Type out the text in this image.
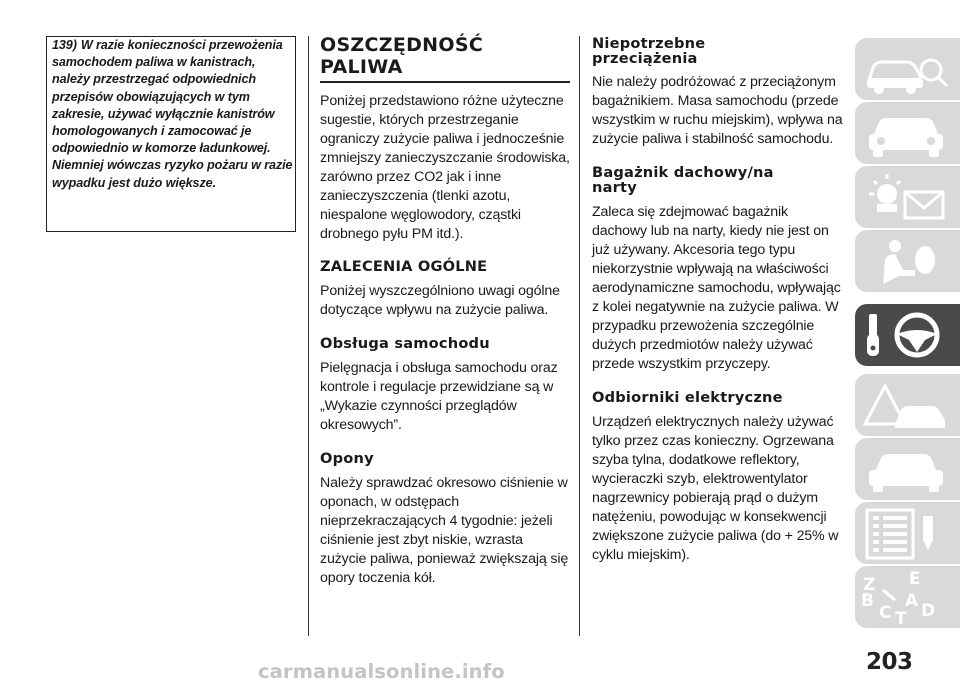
139) W razie konieczności przewożenia samochodem paliwa w kanistrach, należy przestrzegać odpowiednich przepisów obowiązujących w tym zakresie, używać wyłącznie kanistrów homologowanych i zamocować je odpowiednio w komorze ładunkowej. Niemniej wówczas ryzyko pożaru w razie wypadku jest dużo większe.
OSZCZĘDNOŚĆ
PALIWA

Poniżej przedstawiono różne użyteczne sugestie, których przestrzeganie ograniczy zużycie paliwa i jednocześnie zmniejszy zanieczyszczanie środowiska, zarówno przez CO2 jak i inne zanieczyszczenia (tlenki azotu, niespalone węglowodory, cząstki drobnego pyłu PM itd.).

ZALECENIA OGÓLNE

Poniżej wyszczególniono uwagi ogólne dotyczące wpływu na zużycie paliwa.

Obsługa samochodu

Pielęgnacja i obsługa samochodu oraz kontrole i regulacje przewidziane są w „Wykazie czynności przeglądów okresowych”.

Opony

Należy sprawdzać okresowo ciśnienie w oponach, w odstępach nieprzekraczających 4 tygodnie: jeżeli ciśnienie jest zbyt niskie, wzrasta zużycie paliwa, ponieważ zwiększają się opory toczenia kół.

Niepotrzebne
przeciążenia

Nie należy podróżować z przeciążonym bagażnikiem. Masa samochodu (przede wszystkim w ruchu miejskim), wpływa na zużycie paliwa i stabilność samochodu.

Bagażnik dachowy/na
narty

Zaleca się zdejmować bagażnik dachowy lub na narty, kiedy nie jest on już używany. Akcesoria tego typu niekorzystnie wpływają na właściwości aerodynamiczne samochodu, wpływając z kolei negatywnie na zużycie paliwa. W przypadku przewożenia szczególnie dużych przedmiotów należy używać przede wszystkim przyczepy.

Odbiorniki elektryczne

Urządzeń elektrycznych należy używać tylko przez czas konieczny. Ogrzewana szyba tylna, dodatkowe reflektory, wycieraczki szyb, elektrowentylator nagrzewnicy pobierają prąd o dużym natężeniu, powodując w konsekwencji zwiększone zużycie paliwa (do + 25% w cyklu miejskim).

Z E
B A
C T D
203
carmanualsonline.info
